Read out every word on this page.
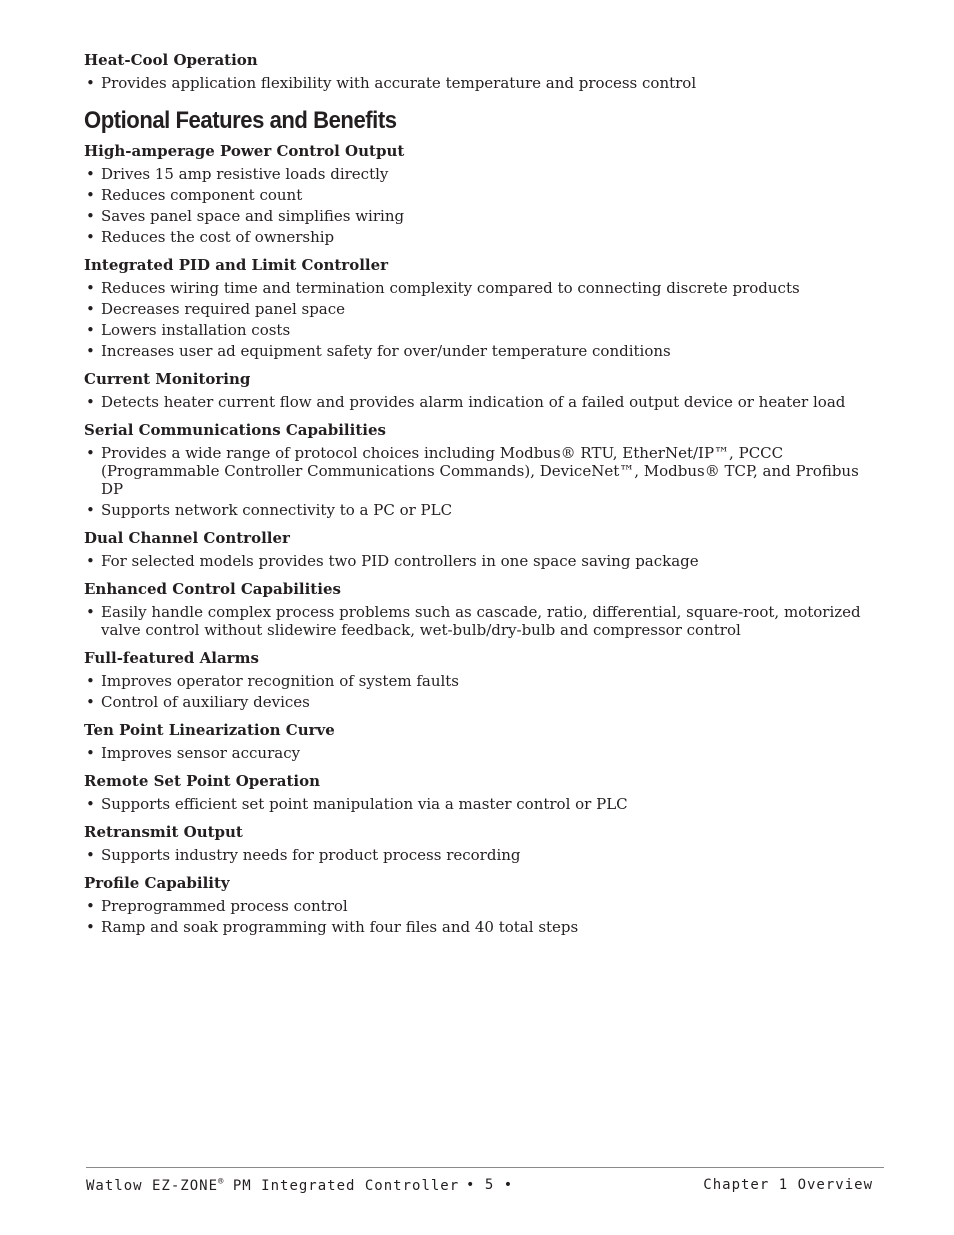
Heat-Cool Operation

• Provides application flexibility with accurate temperature and process control
Optional Features and Benefits

High-amperage Power Control Output

• Drives 15 amp resistive loads directly
• Reduces component count
• Saves panel space and simplifies wiring
• Reduces the cost of ownership

Integrated PID and Limit Controller

• Reduces wiring time and termination complexity compared to connecting discrete products
• Decreases required panel space
• Lowers installation costs
• Increases user ad equipment safety for over/under temperature conditions

Current Monitoring

• Detects heater current flow and provides alarm indication of a failed output device or heater load

Serial Communications Capabilities

• Provides a wide range of protocol choices including Modbus® RTU, EtherNet/IP™, PCCC (Programmable Controller Communications Commands), DeviceNet™, Modbus® TCP, and Profibus DP
• Supports network connectivity to a PC or PLC

Dual Channel Controller

• For selected models provides two PID controllers in one space saving package

Enhanced Control Capabilities

• Easily handle complex process problems such as cascade, ratio, differential, square-root, motorized valve control without slidewire feedback, wet-bulb/dry-bulb and compressor control

Full-featured Alarms

• Improves operator recognition of system faults
• Control of auxiliary devices

Ten Point Linearization Curve

• Improves sensor accuracy

Remote Set Point Operation

• Supports efficient set point manipulation via a master control or PLC

Retransmit Output

• Supports industry needs for product process recording

Profile Capability

• Preprogrammed process control
• Ramp and soak programming with four files and 40 total steps
Watlow EZ-ZONE® PM Integrated Controller • 5 •	Chapter 1 Overview
